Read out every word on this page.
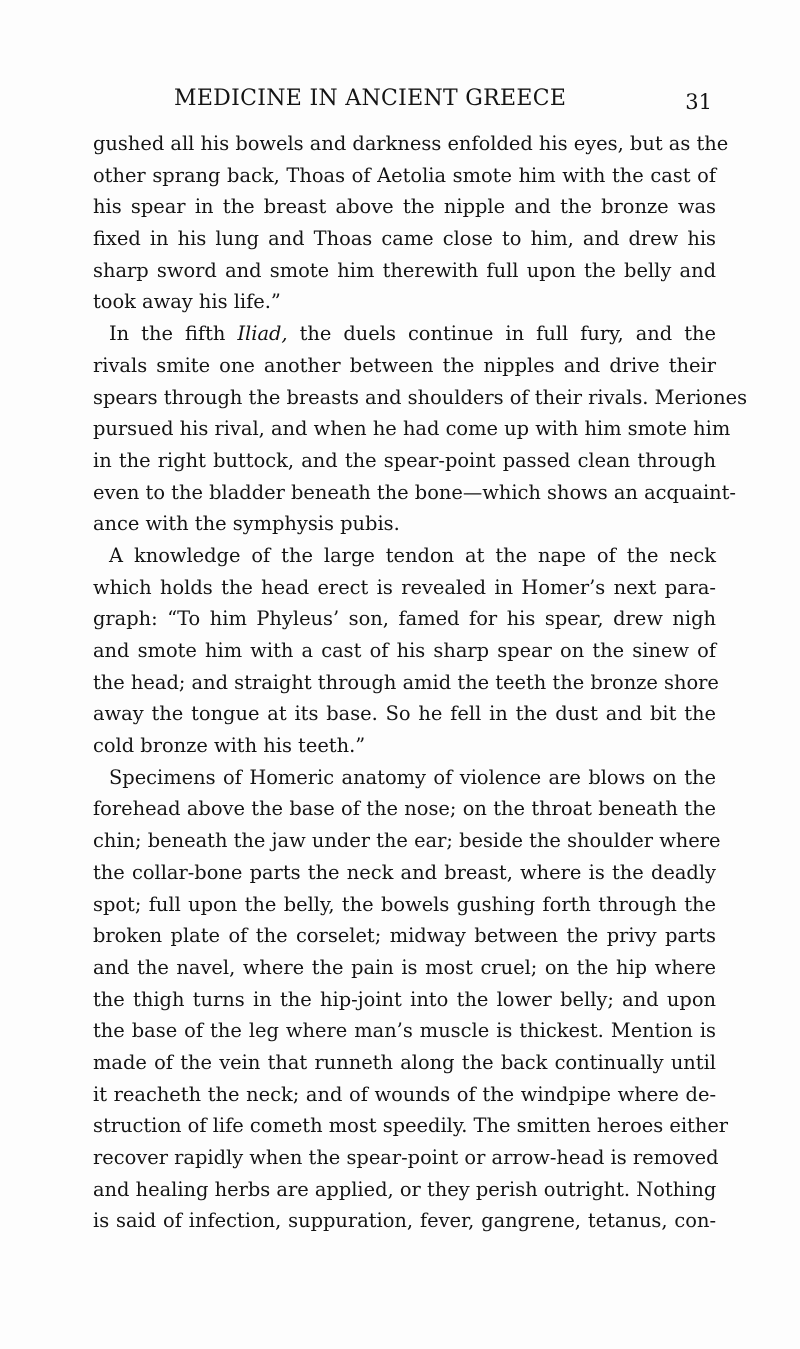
MEDICINE IN ANCIENT GREECE	31
gushed all his bowels and darkness enfolded his eyes, but as the
other sprang back, Thoas of Aetolia smote him with the cast of
his spear in the breast above the nipple and the bronze was
fixed in his lung and Thoas came close to him, and drew his
sharp sword and smote him therewith full upon the belly and
took away his life.”
In the fifth Iliad, the duels continue in full fury, and the
rivals smite one another between the nipples and drive their
spears through the breasts and shoulders of their rivals. Meriones
pursued his rival, and when he had come up with him smote him
in the right buttock, and the spear-point passed clean through
even to the bladder beneath the bone—which shows an acquaint-
ance with the symphysis pubis.
A knowledge of the large tendon at the nape of the neck
which holds the head erect is revealed in Homer’s next para-
graph: “To him Phyleus’ son, famed for his spear, drew nigh
and smote him with a cast of his sharp spear on the sinew of
the head; and straight through amid the teeth the bronze shore
away the tongue at its base. So he fell in the dust and bit the
cold bronze with his teeth.”
Specimens of Homeric anatomy of violence are blows on the
forehead above the base of the nose; on the throat beneath the
chin; beneath the jaw under the ear; beside the shoulder where
the collar-bone parts the neck and breast, where is the deadly
spot; full upon the belly, the bowels gushing forth through the
broken plate of the corselet; midway between the privy parts
and the navel, where the pain is most cruel; on the hip where
the thigh turns in the hip-joint into the lower belly; and upon
the base of the leg where man’s muscle is thickest. Mention is
made of the vein that runneth along the back continually until
it reacheth the neck; and of wounds of the windpipe where de-
struction of life cometh most speedily. The smitten heroes either
recover rapidly when the spear-point or arrow-head is removed
and healing herbs are applied, or they perish outright. Nothing
is said of infection, suppuration, fever, gangrene, tetanus, con-
